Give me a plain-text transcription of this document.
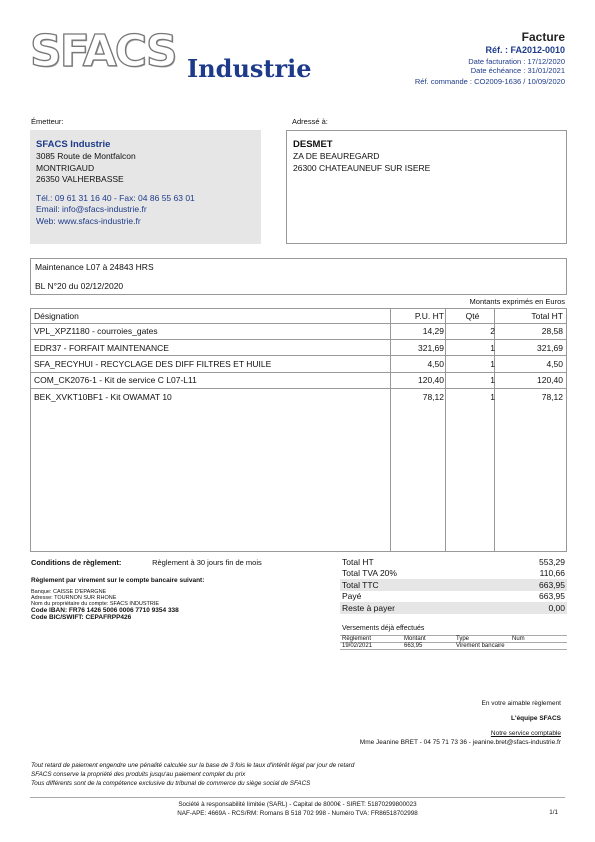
SFACS Industrie
Facture
Réf. : FA2012-0010
Date facturation : 17/12/2020
Date échéance : 31/01/2021
Réf. commande : CO2009-1636 / 10/09/2020
Émetteur:
SFACS Industrie
3085 Route de Montfalcon
MONTRIGAUD
26350 VALHERBASSE
Tél.: 09 61 31 16 40 - Fax: 04 86 55 63 01
Email: info@sfacs-industrie.fr
Web: www.sfacs-industrie.fr
Adressé à:
DESMET
ZA DE BEAUREGARD
26300 CHATEAUNEUF SUR ISERE
Maintenance L07 à 24843 HRS
BL N°20 du 02/12/2020
Montants exprimés en Euros
Désignation	P.U. HT	Qté	Total HT
VPL_XPZ1180 - courroies_gates	14,29	2	28,58
EDR37 - FORFAIT MAINTENANCE	321,69	1	321,69
SFA_RECYHUI - RECYCLAGE DES DIFF FILTRES ET HUILE	4,50	1	4,50
COM_CK2076-1 - Kit de service C L07-L11	120,40	1	120,40
BEK_XVKT10BF1 - Kit OWAMAT 10	78,12	1	78,12
Conditions de règlement:	Règlement à 30 jours fin de mois
Règlement par virement sur le compte bancaire suivant:
Banque: CAISSE D'EPARGNE
Adresse: TOURNON SUR RHONE
Nom du propriétaire du compte: SFACS INDUSTRIE
Code IBAN: FR76 1426 5006 0006 7710 9354 338
Code BIC/SWIFT: CEPAFRPP426
Total HT	553,29
Total TVA 20%	110,66
Total TTC	663,95
Payé	663,95
Reste à payer	0,00
Versements déjà effectués
Règlement	Montant	Type	Num
19/02/2021	663,95	Virement bancaire	
En votre aimable règlement
L'équipe SFACS
Notre service comptable
Mme Jeanine BRET - 04 75 71 73 36 - jeanine.bret@sfacs-industrie.fr
Tout retard de paiement engendre une pénalité calculée sur la base de 3 fois le taux d'intérêt légal par jour de retard
SFACS conserve la propriété des produits jusqu'au paiement complet du prix
Tous différents sont de la compétence exclusive du tribunal de commerce du siège social de SFACS
Société à responsabilité limitée (SARL) - Capital de 8000€ - SIRET: 51870299800023
NAF-APE: 4669A - RCS/RM: Romans B 518 702 998 - Numéro TVA: FR86518702998	1/1
